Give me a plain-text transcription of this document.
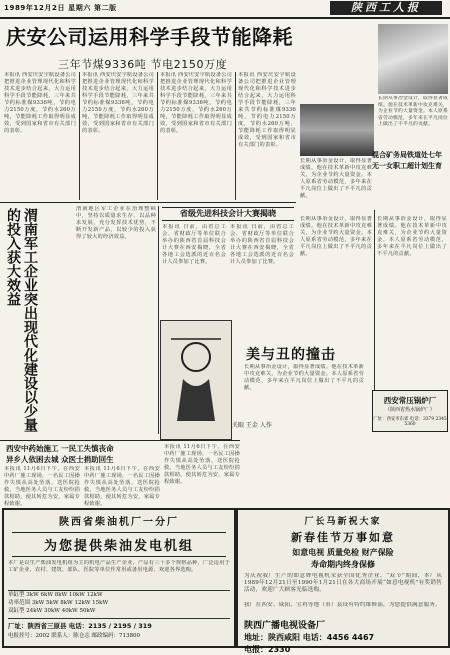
1989年12月2日 星期六 第二版	陕西工人报
庆安公司运用科学手段节能降耗
三年节煤9336吨 节电2150万度
长期从事冶金设计，取得显著成绩。他在技术革新中攻克难关，为企业节约大量资金。本人原系省劳动模范，多年来在平凡岗位上做出了不平凡的贡献。
本报讯 西安庆安宇航设备公司把推进企业管理现代化和科学技术进步结合起来，大力运用科学手段节能降耗，三年来共节约标准煤9336吨，节约电力2150万度，节约水260万吨，节能降耗工作取得明显成效，受到国家和省市有关部门的表彰。
本报讯 西安庆安宇航设备公司把推进企业管理现代化和科学技术进步结合起来，大力运用科学手段节能降耗，三年来共节约标准煤9336吨，节约电力2150万度，节约水260万吨，节能降耗工作取得明显成效，受到国家和省市有关部门的表彰。
本报讯 西安庆安宇航设备公司把推进企业管理现代化和科学技术进步结合起来，大力运用科学手段节能降耗，三年来共节约标准煤9336吨，节约电力2150万度，节约水260万吨，节能降耗工作取得明显成效，受到国家和省市有关部门的表彰。
本报讯 西安庆安宇航设备公司把推进企业管理现代化和科学技术进步结合起来，大力运用科学手段节能降耗，三年来共节约标准煤9336吨，节约电力2150万度，节约水260万吨，节能降耗工作取得明显成效，受到国家和省市有关部门的表彰。
混合矿务局铁道处七年无一女职工超计划生育
长期从事冶金设计，取得显著成绩。他在技术革新中攻克难关，为企业节约大量资金。本人原系省劳动模范，多年来在平凡岗位上做出了不平凡的贡献。
渭南军工企业突出现代化建设以少量的投入获大效益	渭南地区军工企业在治理整顿中，坚持以质量求生存、以品种求发展，充分发挥技术优势，不断开发新产品，以较少的投入获得了较大的经济效益。
省级先进科技会计大赛揭晓
本报讯 日前，由省总工会、省财政厅等单位联合举办的陕西省首届科技会计大赛在西安揭晓，全省各地工会选派的近百名会计人员参加了比赛。
本报讯 日前，由省总工会、省财政厅等单位联合举办的陕西省首届科技会计大赛在西安揭晓，全省各地工会选派的近百名会计人员参加了比赛。
关眼 王金 人作
长期从事冶金设计，取得显著成绩。他在技术革新中攻克难关，为企业节约大量资金。本人原系省劳动模范，多年来在平凡岗位上做出了不平凡的贡献。
长期从事冶金设计，取得显著成绩。他在技术革新中攻克难关，为企业节约大量资金。本人原系省劳动模范，多年来在平凡岗位上做出了不平凡的贡献。
美与丑的撞击
长期从事冶金设计，取得显著成绩。他在技术革新中攻克难关，为企业节约大量资金。本人原系省劳动模范，多年来在平凡岗位上做出了不平凡的贡献。
西安中药始施工 一民工失慎丧命
异乡人依困去城 众医士捐助回生
本报讯 11月6日下午，在西安中药厂施工现场，一名民工因操作失慎从高处坠落，送医院抢救。当地医务人员与工友纷纷捐款相助，使其转危为安，家属专程致谢。
本报讯 11月6日下午，在西安中药厂施工现场，一名民工因操作失慎从高处坠落，送医院抢救。当地医务人员与工友纷纷捐款相助，使其转危为安，家属专程致谢。
本报讯 11月6日下午，在西安中药厂施工现场，一名民工因操作失慎从高处坠落，送医院抢救。当地医务人员与工友纷纷捐款相助，使其转危为安，家属专程致谢。
西安常压锅炉厂
（陕西省热水锅炉厂）
厂址：西安市东郊 电话：3379 2345 5360
陕西省柴油机厂一分厂
为您提供柴油发电机组
本厂是以生产柴油发电机组为主的机电产品生产企业，产品有三十多个规格品种，广泛适用于工矿企业、农村、建筑、部队、医院等单位作常用或备用电源，欢迎各界选购。
单缸型 3kW 6kW 8kW 10kW 12kW
功率范围 3kW 5kW 8kW 12kW 15kW
双缸型 24kW 30kW 40kW 50kW
厂址：陕西省三原县 电话：2135 / 2195 / 319
电报挂号：2002 联系人：陈仓志 邮政编码：713800
厂长马新祝大家
新春佳节万事如意
如意电视 质量免检 财产保险
寿命期内终身保修
为庆祝我厂生产的如意牌电视机荣获全国优秀企业、“双节”期间，本厂从1989年12月21日至1990年1月21日在各大商场开展“如意电视机”有奖销售活动，欢迎广大顾客光临选购。
我厂在西安、咸阳、宝鸡等地（市）县设有特约维修部，为您提供满意服务。
陕西广播电视设备厂
地址：陕西咸阳 电话：4456 4467
电报：2330
